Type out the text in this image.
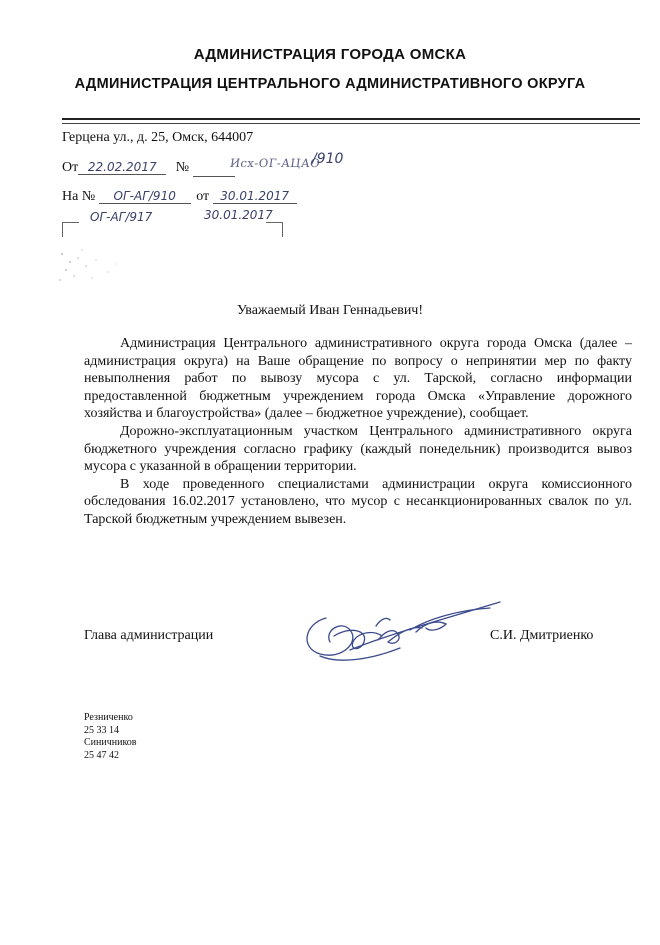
АДМИНИСТРАЦИЯ ГОРОДА ОМСКА
АДМИНИСТРАЦИЯ ЦЕНТРАЛЬНОГО АДМИНИСТРАТИВНОГО ОКРУГА
Герцена ул., д. 25, Омск, 644007
От 22.02.2017 №	Исх-ОГ-АЦАО
/910
На № ОГ-АГ/910 от 30.01.2017
ОГ-АГ/917	30.01.2017
Уважаемый Иван Геннадьевич!

Администрация Центрального административного округа города Омска (далее – администрация округа) на Ваше обращение по вопросу о непринятии мер по факту невыполнения работ по вывозу мусора с ул. Тарской, согласно информации предоставленной бюджетным учреждением города Омска «Управление дорожного хозяйства и благоустройства» (далее – бюджетное учреждение), сообщает.

Дорожно-эксплуатационным участком Центрального административного округа бюджетного учреждения согласно графику (каждый понедельник) производится вывоз мусора с указанной в обращении территории.

В ходе проведенного специалистами администрации округа комиссионного обследования 16.02.2017 установлено, что мусор с несанкционированных свалок по ул. Тарской бюджетным учреждением вывезен.

Глава администрации	С.И. Дмитриенко
Резниченко
25 33 14
Синичников
25 47 42
